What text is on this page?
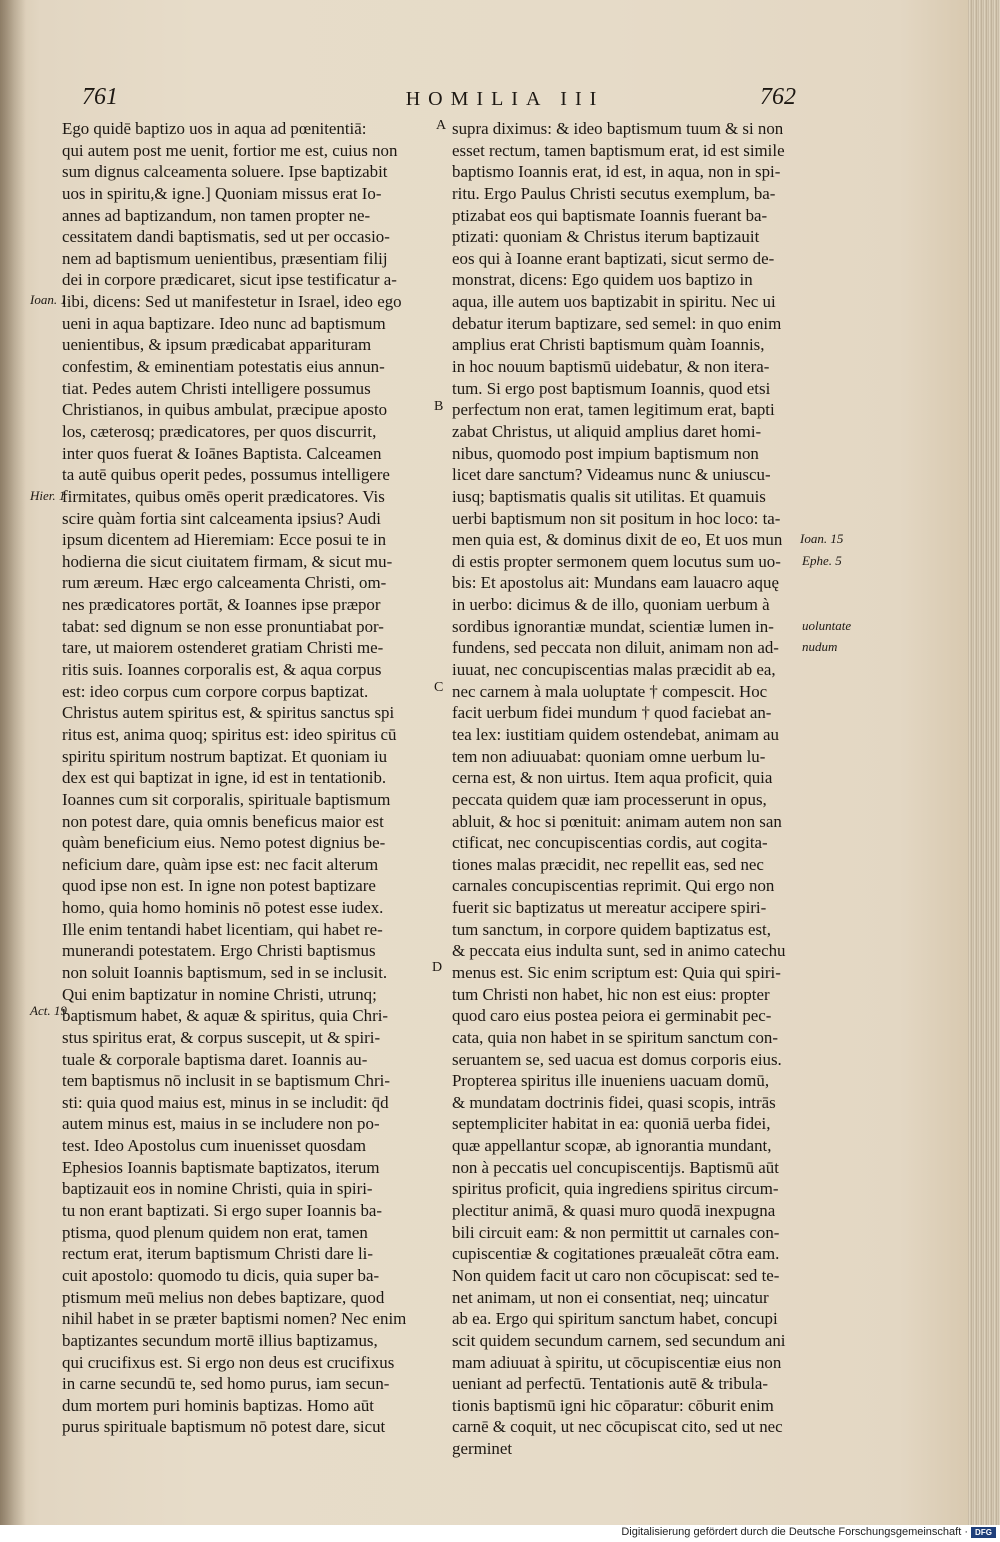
761	HOMILIA III	762
Ego quidē baptizo uos in aqua ad pœnitentiā:
qui autem post me uenit, fortior me est, cuius non
sum dignus calceamenta soluere. Ipse baptizabit
uos in spiritu,& igne.] Quoniam missus erat Io-
annes ad baptizandum, non tamen propter ne-
cessitatem dandi baptismatis, sed ut per occasio-
nem ad baptismum uenientibus, præsentiam filij
dei in corpore prædicaret, sicut ipse testificatur a-
libi, dicens: Sed ut manifestetur in Israel, ideo ego
ueni in aqua baptizare. Ideo nunc ad baptismum
uenientibus, & ipsum prædicabat apparituram
confestim, & eminentiam potestatis eius annun-
tiat. Pedes autem Christi intelligere possumus
Christianos, in quibus ambulat, præcipue aposto
los, cæterosq; prædicatores, per quos discurrit,
inter quos fuerat & Ioānes Baptista. Calceamen
ta autē quibus operit pedes, possumus intelligere
firmitates, quibus omēs operit prædicatores. Vis
scire quàm fortia sint calceamenta ipsius? Audi
ipsum dicentem ad Hieremiam: Ecce posui te in
hodierna die sicut ciuitatem firmam, & sicut mu-
rum æreum. Hæc ergo calceamenta Christi, om-
nes prædicatores portāt, & Ioannes ipse præpor
tabat: sed dignum se non esse pronuntiabat por-
tare, ut maiorem ostenderet gratiam Christi me-
ritis suis. Ioannes corporalis est, & aqua corpus
est: ideo corpus cum corpore corpus baptizat.
Christus autem spiritus est, & spiritus sanctus spi
ritus est, anima quoq; spiritus est: ideo spiritus cū
spiritu spiritum nostrum baptizat. Et quoniam iu
dex est qui baptizat in igne, id est in tentationib.
Ioannes cum sit corporalis, spirituale baptismum
non potest dare, quia omnis beneficus maior est
quàm beneficium eius. Nemo potest dignius be-
neficium dare, quàm ipse est: nec facit alterum
quod ipse non est. In igne non potest baptizare
homo, quia homo hominis nō potest esse iudex.
Ille enim tentandi habet licentiam, qui habet re-
munerandi potestatem. Ergo Christi baptismus
non soluit Ioannis baptismum, sed in se inclusit.
Qui enim baptizatur in nomine Christi, utrunq;
baptismum habet, & aquæ & spiritus, quia Chri-
stus spiritus erat, & corpus suscepit, ut & spiri-
tuale & corporale baptisma daret. Ioannis au-
tem baptismus nō inclusit in se baptismum Chri-
sti: quia quod maius est, minus in se includit: q̄d
autem minus est, maius in se includere non po-
test. Ideo Apostolus cum inuenisset quosdam
Ephesios Ioannis baptismate baptizatos, iterum
baptizauit eos in nomine Christi, quia in spiri-
tu non erant baptizati. Si ergo super Ioannis ba-
ptisma, quod plenum quidem non erat, tamen
rectum erat, iterum baptismum Christi dare li-
cuit apostolo: quomodo tu dicis, quia super ba-
ptismum meū melius non debes baptizare, quod
nihil habet in se præter baptismi nomen? Nec enim
baptizantes secundum mortē illius baptizamus,
qui crucifixus est. Si ergo non deus est crucifixus
in carne secundū te, sed homo purus, iam secun-
dum mortem puri hominis baptizas. Homo aūt
purus spirituale baptismum nō potest dare, sicut
supra diximus: & ideo baptismum tuum & si non
esset rectum, tamen baptismum erat, id est simile
baptismo Ioannis erat, id est, in aqua, non in spi-
ritu. Ergo Paulus Christi secutus exemplum, ba-
ptizabat eos qui baptismate Ioannis fuerant ba-
ptizati: quoniam & Christus iterum baptizauit
eos qui à Ioanne erant baptizati, sicut sermo de-
monstrat, dicens: Ego quidem uos baptizo in
aqua, ille autem uos baptizabit in spiritu. Nec ui
debatur iterum baptizare, sed semel: in quo enim
amplius erat Christi baptismum quàm Ioannis,
in hoc nouum baptismū uidebatur, & non itera-
tum. Si ergo post baptismum Ioannis, quod etsi
perfectum non erat, tamen legitimum erat, bapti
zabat Christus, ut aliquid amplius daret homi-
nibus, quomodo post impium baptismum non
licet dare sanctum? Videamus nunc & uniuscu-
iusq; baptismatis qualis sit utilitas. Et quamuis
uerbi baptismum non sit positum in hoc loco: ta-
men quia est, & dominus dixit de eo, Et uos mun
di estis propter sermonem quem locutus sum uo-
bis: Et apostolus ait: Mundans eam lauacro aquę
in uerbo: dicimus & de illo, quoniam uerbum à
sordibus ignorantiæ mundat, scientiæ lumen in-
fundens, sed peccata non diluit, animam non ad-
iuuat, nec concupiscentias malas præcidit ab ea,
nec carnem à mala uoluptate † compescit. Hoc
facit uerbum fidei mundum † quod faciebat an-
tea lex: iustitiam quidem ostendebat, animam au
tem non adiuuabat: quoniam omne uerbum lu-
cerna est, & non uirtus. Item aqua proficit, quia
peccata quidem quæ iam processerunt in opus,
abluit, & hoc si pœnituit: animam autem non san
ctificat, nec concupiscentias cordis, aut cogita-
tiones malas præcidit, nec repellit eas, sed nec
carnales concupiscentias reprimit. Qui ergo non
fuerit sic baptizatus ut mereatur accipere spiri-
tum sanctum, in corpore quidem baptizatus est,
& peccata eius indulta sunt, sed in animo catechu
menus est. Sic enim scriptum est: Quia qui spiri-
tum Christi non habet, hic non est eius: propter
quod caro eius postea peiora ei germinabit pec-
cata, quia non habet in se spiritum sanctum con-
seruantem se, sed uacua est domus corporis eius.
Propterea spiritus ille inueniens uacuam domū,
& mundatam doctrinis fidei, quasi scopis, intrās
septempliciter habitat in ea: quoniā uerba fidei,
quæ appellantur scopæ, ab ignorantia mundant,
non à peccatis uel concupiscentijs. Baptismū aūt
spiritus proficit, quia ingrediens spiritus circum-
plectitur animā, & quasi muro quodā inexpugna
bili circuit eam: & non permittit ut carnales con-
cupiscentiæ & cogitationes præualeāt cōtra eam.
Non quidem facit ut caro non cōcupiscat: sed te-
net animam, ut non ei consentiat, neq; uincatur
ab ea. Ergo qui spiritum sanctum habet, concupi
scit quidem secundum carnem, sed secundum ani
mam adiuuat à spiritu, ut cōcupiscentiæ eius non
ueniant ad perfectū. Tentationis autē & tribula-
tionis baptismū igni hic cōparatur: cōburit enim
carnē & coquit, ut nec cōcupiscat cito, sed ut nec
germinet
A
B
C
D
Ioan. 1
Hier. 1
Act. 19
Ioan. 15
Ephe. 5
uoluntate
nudum
Digitalisierung gefördert durch die Deutsche Forschungsgemeinschaft · DFG
